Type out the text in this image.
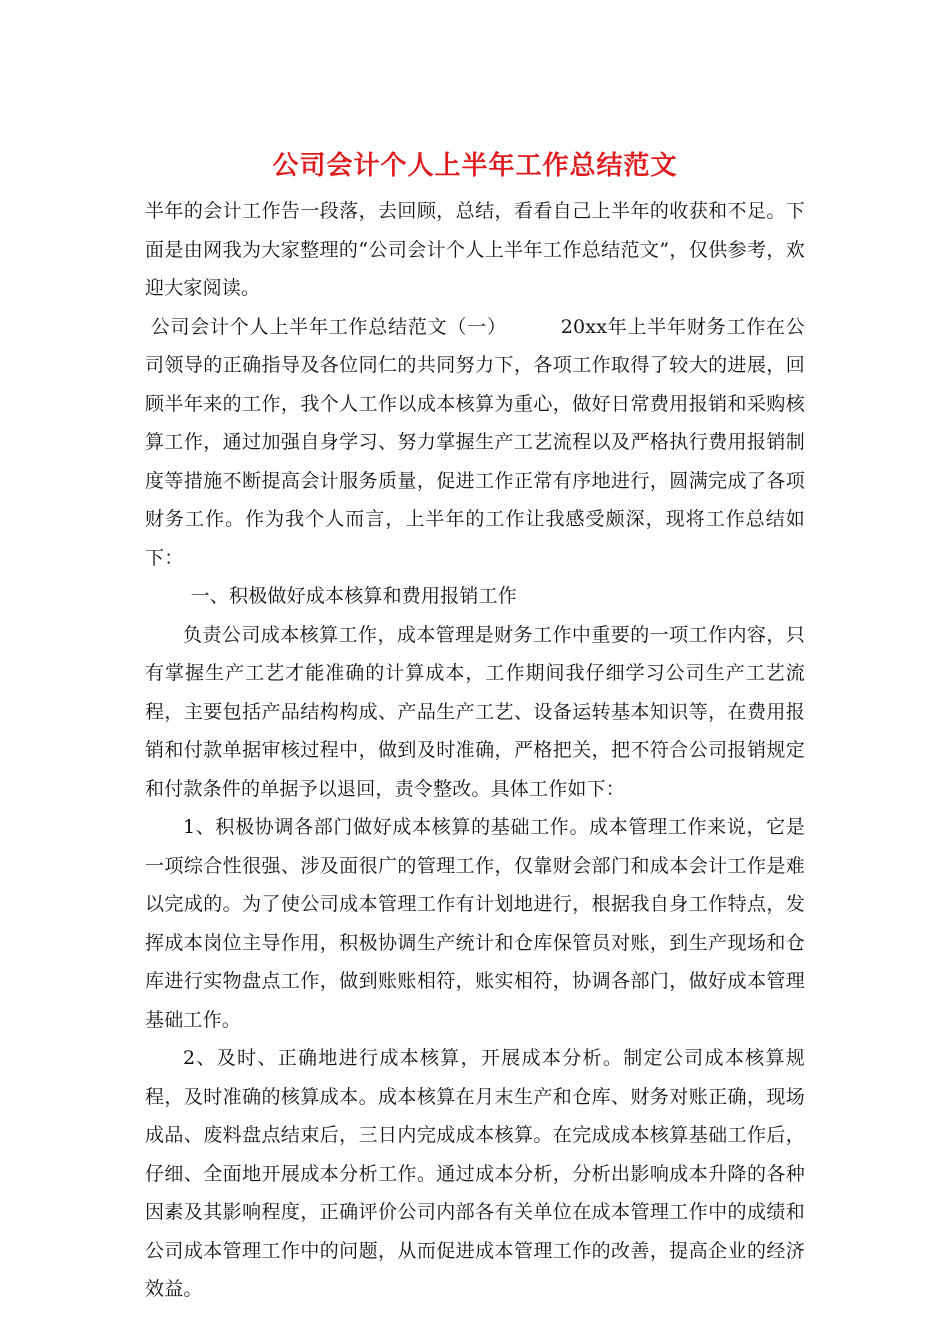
公司会计个人上半年工作总结范文

半年的会计工作告一段落，去回顾，总结，看看自己上半年的收获和不足。下面是由网我为大家整理的“公司会计个人上半年工作总结范文”，仅供参考，欢迎大家阅读。

公司会计个人上半年工作总结范文（一）	20xx年上半年财务工作在公司领导的正确指导及各位同仁的共同努力下，各项工作取得了较大的进展，回顾半年来的工作，我个人工作以成本核算为重心，做好日常费用报销和采购核算工作，通过加强自身学习、努力掌握生产工艺流程以及严格执行费用报销制度等措施不断提高会计服务质量，促进工作正常有序地进行，圆满完成了各项财务工作。作为我个人而言，上半年的工作让我感受颇深，现将工作总结如下：

一、积极做好成本核算和费用报销工作

负责公司成本核算工作，成本管理是财务工作中重要的一项工作内容，只有掌握生产工艺才能准确的计算成本，工作期间我仔细学习公司生产工艺流程，主要包括产品结构构成、产品生产工艺、设备运转基本知识等，在费用报销和付款单据审核过程中，做到及时准确，严格把关，把不符合公司报销规定和付款条件的单据予以退回，责令整改。具体工作如下：

1、积极协调各部门做好成本核算的基础工作。成本管理工作来说，它是一项综合性很强、涉及面很广的管理工作，仅靠财会部门和成本会计工作是难以完成的。为了使公司成本管理工作有计划地进行，根据我自身工作特点，发挥成本岗位主导作用，积极协调生产统计和仓库保管员对账，到生产现场和仓库进行实物盘点工作，做到账账相符，账实相符，协调各部门，做好成本管理基础工作。

2、及时、正确地进行成本核算，开展成本分析。制定公司成本核算规程，及时准确的核算成本。成本核算在月末生产和仓库、财务对账正确，现场成品、废料盘点结束后，三日内完成成本核算。在完成成本核算基础工作后，仔细、全面地开展成本分析工作。通过成本分析，分析出影响成本升降的各种因素及其影响程度，正确评价公司内部各有关单位在成本管理工作中的成绩和公司成本管理工作中的问题，从而促进成本管理工作的改善，提高企业的经济效益。
